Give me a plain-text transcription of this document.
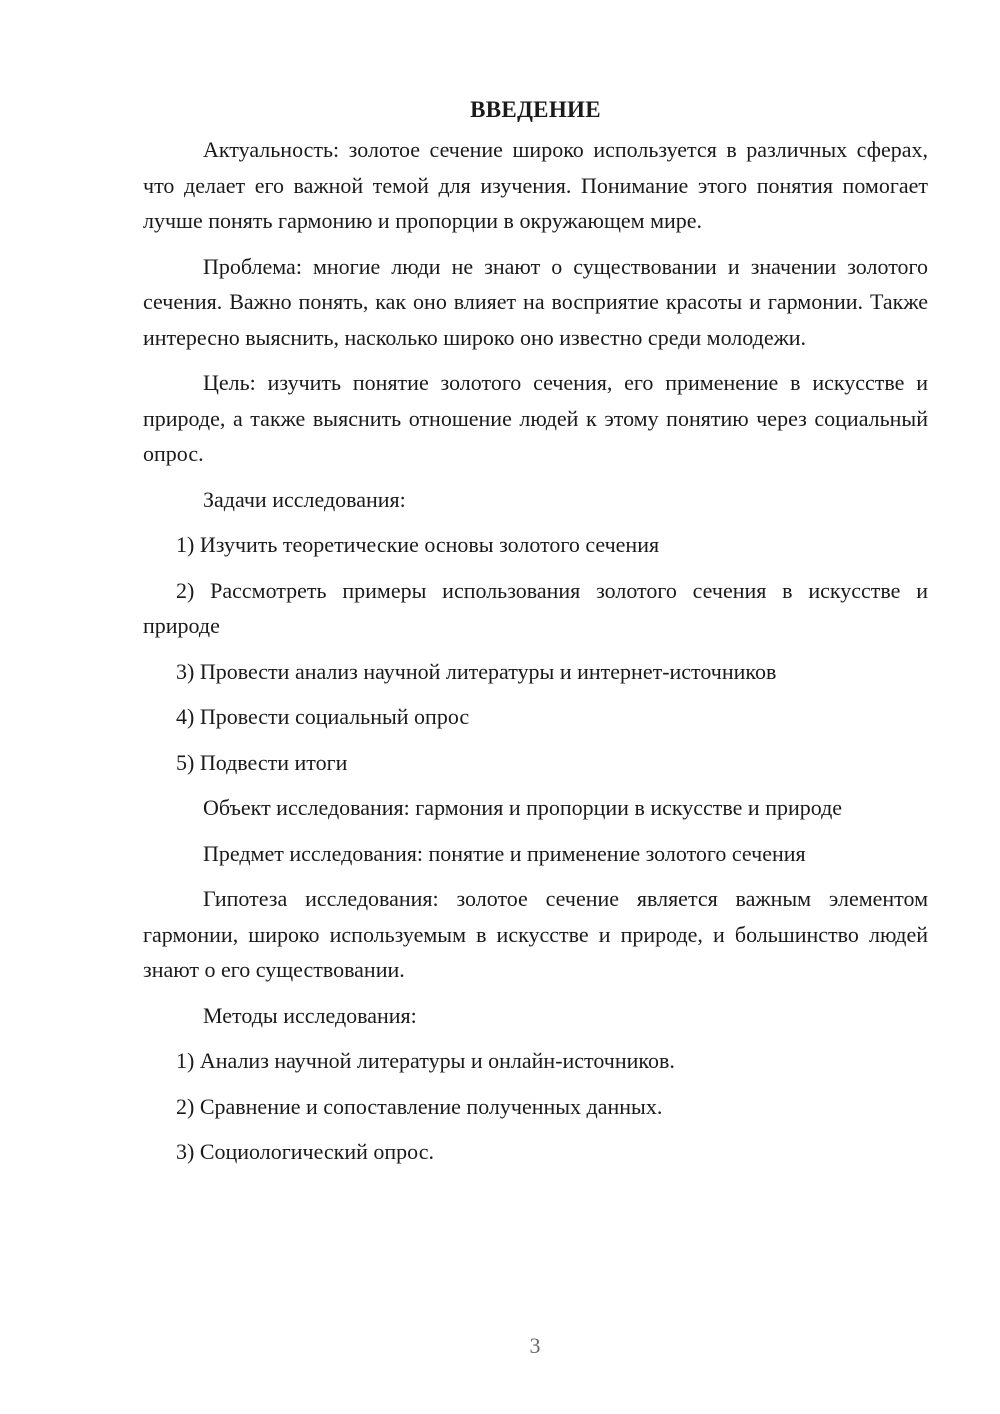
ВВЕДЕНИЕ

Актуальность: золотое сечение широко используется в различных сферах, что делает его важной темой для изучения. Понимание этого понятия помогает лучше понять гармонию и пропорции в окружающем мире.

Проблема: многие люди не знают о существовании и значении золотого сечения. Важно понять, как оно влияет на восприятие красоты и гармонии. Также интересно выяснить, насколько широко оно известно среди молодежи.

Цель: изучить понятие золотого сечения, его применение в искусстве и природе, а также выяснить отношение людей к этому понятию через социальный опрос.

Задачи исследования:

1) Изучить теоретические основы золотого сечения

2) Рассмотреть примеры использования золотого сечения в искусстве и природе

3) Провести анализ научной литературы и интернет-источников

4) Провести социальный опрос

5) Подвести итоги

Объект исследования: гармония и пропорции в искусстве и природе

Предмет исследования: понятие и применение золотого сечения

Гипотеза исследования: золотое сечение является важным элементом гармонии, широко используемым в искусстве и природе, и большинство людей знают о его существовании.

Методы исследования:

1) Анализ научной литературы и онлайн-источников.

2) Сравнение и сопоставление полученных данных.

3) Социологический опрос.

3
